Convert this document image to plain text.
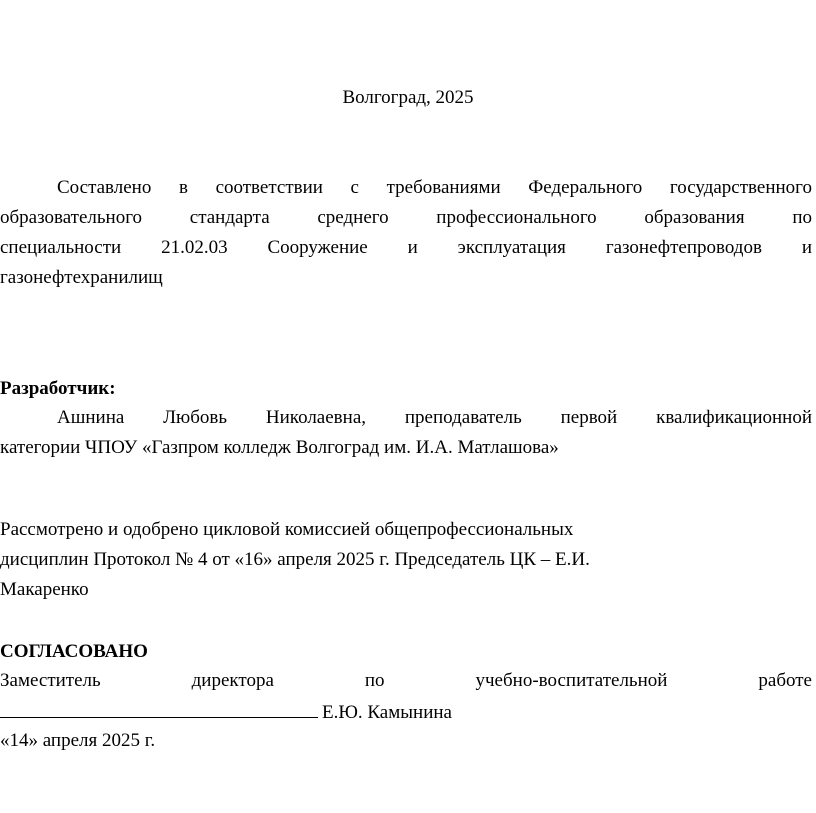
Волгоград, 2025
Составлено в соответствии с требованиями Федерального государственного
образовательного стандарта среднего профессионального образования по
специальности 21.02.03 Сооружение и эксплуатация газонефтепроводов и
газонефтехранилищ
Разработчик:
Ашнина Любовь Николаевна, преподаватель первой квалификационной
категории ЧПОУ «Газпром колледж Волгоград им. И.А. Матлашова»
Рассмотрено и одобрено цикловой комиссией общепрофессиональных
дисциплин Протокол № 4 от «16» апреля 2025 г. Председатель ЦК – Е.И.
Макаренко
СОГЛАСОВАНО
Заместитель директора по учебно-воспитательной работе
Е.Ю. Камынина
«14» апреля 2025 г.
